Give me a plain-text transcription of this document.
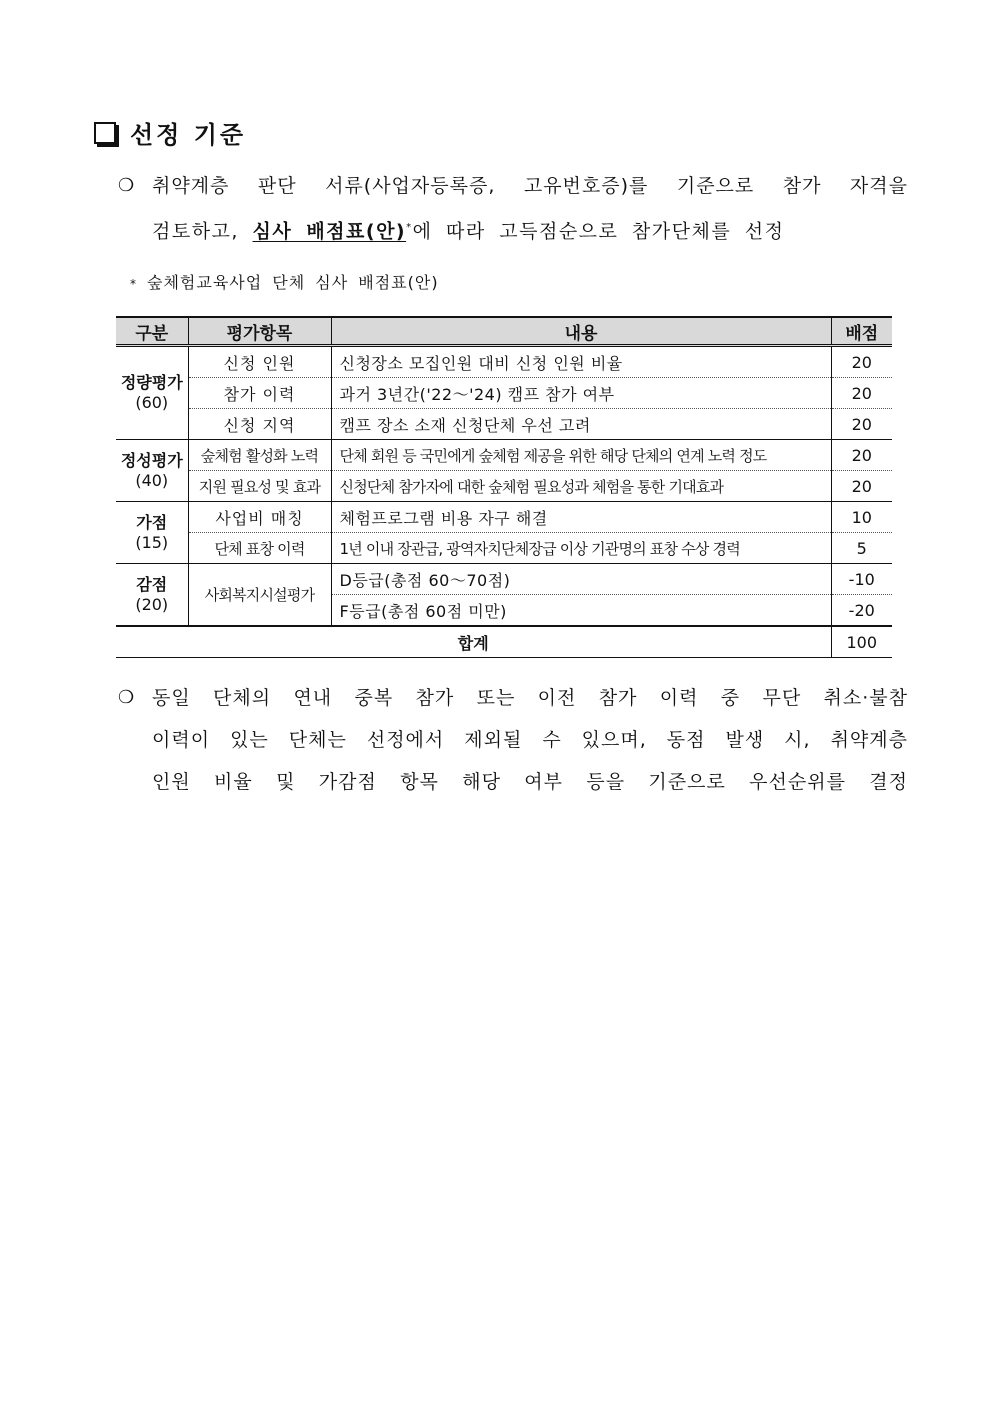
선정 기준
❍ 취약계층 판단 서류(사업자등록증, 고유번호증)를 기준으로 참가 자격을
검토하고, 심사 배점표(안)*에 따라 고득점순으로 참가단체를 선정
* 숲체험교육사업 단체 심사 배점표(안)
구분	평가항목	내용	배점

정량평가
(60)	신청 인원	신청장소 모집인원 대비 신청 인원 비율	20
	참가 이력	과거 3년간('22～'24) 캠프 참가 여부	20
	신청 지역	캠프 장소 소재 신청단체 우선 고려	20

정성평가
(40)	숲체험 활성화 노력	단체 회원 등 국민에게 숲체험 제공을 위한 해당 단체의 연계 노력 정도	20
	지원 필요성 및 효과	신청단체 참가자에 대한 숲체험 필요성과 체험을 통한 기대효과	20

가점
(15)	사업비 매칭	체험프로그램 비용 자구 해결	10
	단체 표창 이력	1년 이내 장관급, 광역자치단체장급 이상 기관명의 표창 수상 경력	5

감점
(20)	사회복지시설평가	D등급(총점 60～70점)	-10
		F등급(총점 60점 미만)	-20
합계			100
❍ 동일 단체의 연내 중복 참가 또는 이전 참가 이력 중 무단 취소·불참
이력이 있는 단체는 선정에서 제외될 수 있으며, 동점 발생 시, 취약계층
인원 비율 및 가감점 항목 해당 여부 등을 기준으로 우선순위를 결정
